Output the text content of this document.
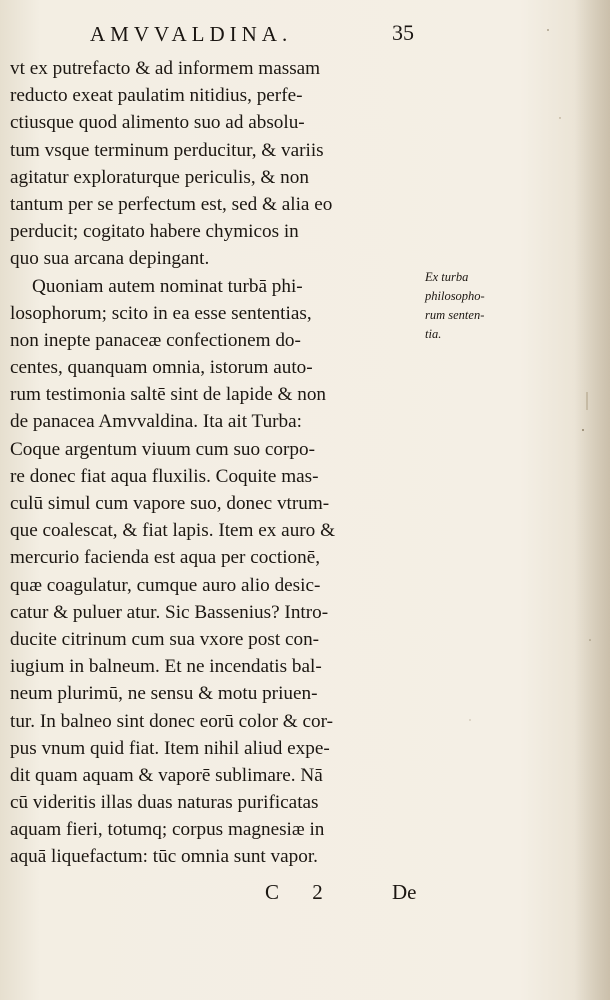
AMVVALDINA.	35
vt ex putrefacto & ad informem massam
reducto exeat paulatim nitidius, perfe-
ctiusque quod alimento suo ad absolu-
tum vsque terminum perducitur, & variis
agitatur exploraturque periculis, & non
tantum per se perfectum est, sed & alia eo
perducit; cogitato habere chymicos in
quo sua arcana depingant.
Quoniam autem nominat turbā phi-
losophorum; scito in ea esse sententias,
non inepte panaceæ confectionem do-
centes, quanquam omnia, istorum auto-
rum testimonia saltē sint de lapide & non
de panacea Amvvaldina. Ita ait Turba:
Coque argentum viuum cum suo corpo-
re donec fiat aqua fluxilis. Coquite mas-
culū simul cum vapore suo, donec vtrum-
que coalescat, & fiat lapis. Item ex auro &
mercurio facienda est aqua per coctionē,
quæ coagulatur, cumque auro alio desic-
catur & puluer atur. Sic Bassenius? Intro-
ducite citrinum cum sua vxore post con-
iugium in balneum. Et ne incendatis bal-
neum plurimū, ne sensu & motu priuen-
tur. In balneo sint donec eorū color & cor-
pus vnum quid fiat. Item nihil aliud expe-
dit quam aquam & vaporē sublimare. Nā
cū videritis illas duas naturas purificatas
aquam fieri, totumq; corpus magnesiæ in
aquā liquefactum: tūc omnia sunt vapor.
Ex turba
philosopho-
rum senten-
tia.
C 2	De
